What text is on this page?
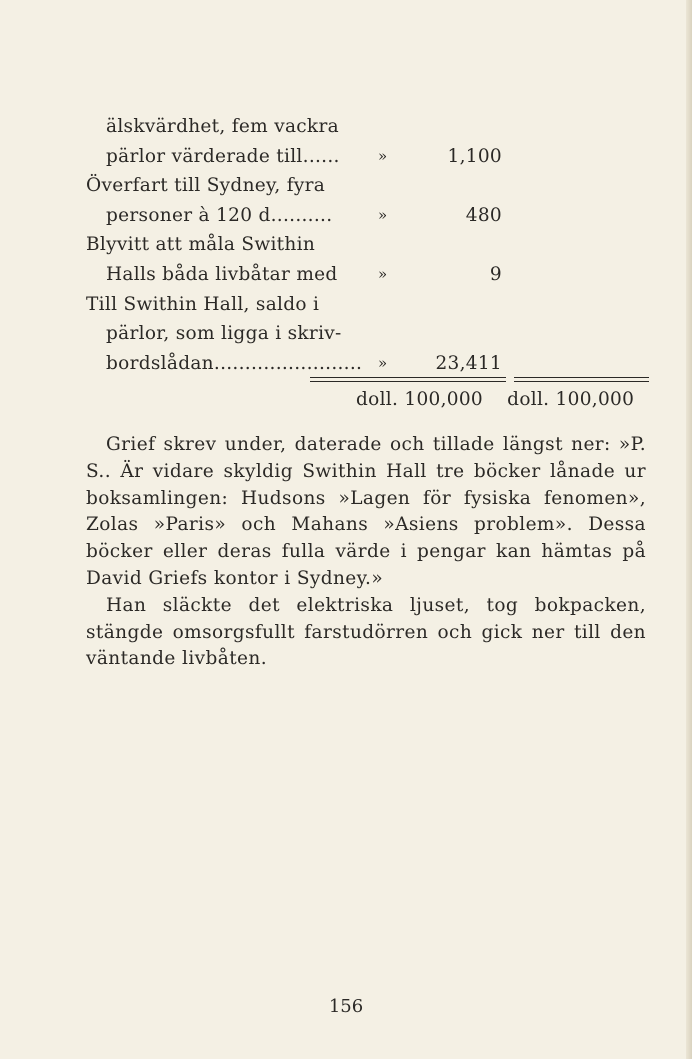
älskvärdhet, fem vackra
pärlor värderade till......	»	1,100
Överfart till Sydney, fyra
personer à 120 d..........	»	480
Blyvitt att måla Swithin
Halls båda livbåtar med	»	9
Till Swithin Hall, saldo i
pärlor, som ligga i skriv-
bordslådan........................ »	23,411
doll. 100,000 doll. 100,000

Grief skrev under, daterade och tillade längst ner: »P. S.. Är vidare skyldig Swithin Hall tre böcker lånade ur boksamlingen: Hudsons »Lagen för fysiska fenomen», Zolas »Paris» och Mahans »Asiens problem». Dessa böcker eller deras fulla värde i pengar kan hämtas på David Griefs kontor i Sydney.»

Han släckte det elektriska ljuset, tog bokpacken, stängde omsorgsfullt farstudörren och gick ner till den väntande livbåten.

156
